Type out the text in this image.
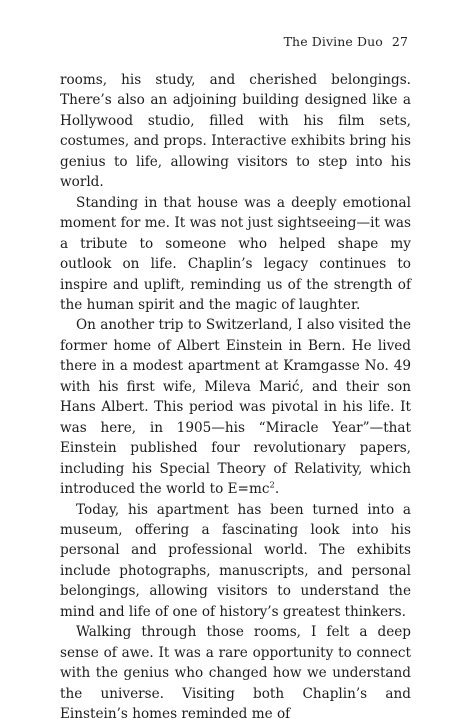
The Divine Duo 27

rooms, his study, and cherished belongings. There’s also an adjoining building designed like a Hollywood studio, filled with his film sets, costumes, and props. Interactive exhibits bring his genius to life, allowing visitors to step into his world.

Standing in that house was a deeply emotional moment for me. It was not just sightseeing—it was a tribute to someone who helped shape my outlook on life. Chaplin’s legacy continues to inspire and uplift, reminding us of the strength of the human spirit and the magic of laughter.

On another trip to Switzerland, I also visited the former home of Albert Einstein in Bern. He lived there in a modest apartment at Kramgasse No. 49 with his first wife, Mileva Marić, and their son Hans Albert. This period was pivotal in his life. It was here, in 1905—his “Miracle Year”—that Einstein published four revolutionary papers, including his Special Theory of Relativity, which introduced the world to $E=mc^2$.

Today, his apartment has been turned into a museum, offering a fascinating look into his personal and professional world. The exhibits include photographs, manuscripts, and personal belongings, allowing visitors to understand the mind and life of one of history’s greatest thinkers.

Walking through those rooms, I felt a deep sense of awe. It was a rare opportunity to connect with the genius who changed how we understand the universe. Visiting both Chaplin’s and Einstein’s homes reminded me of
